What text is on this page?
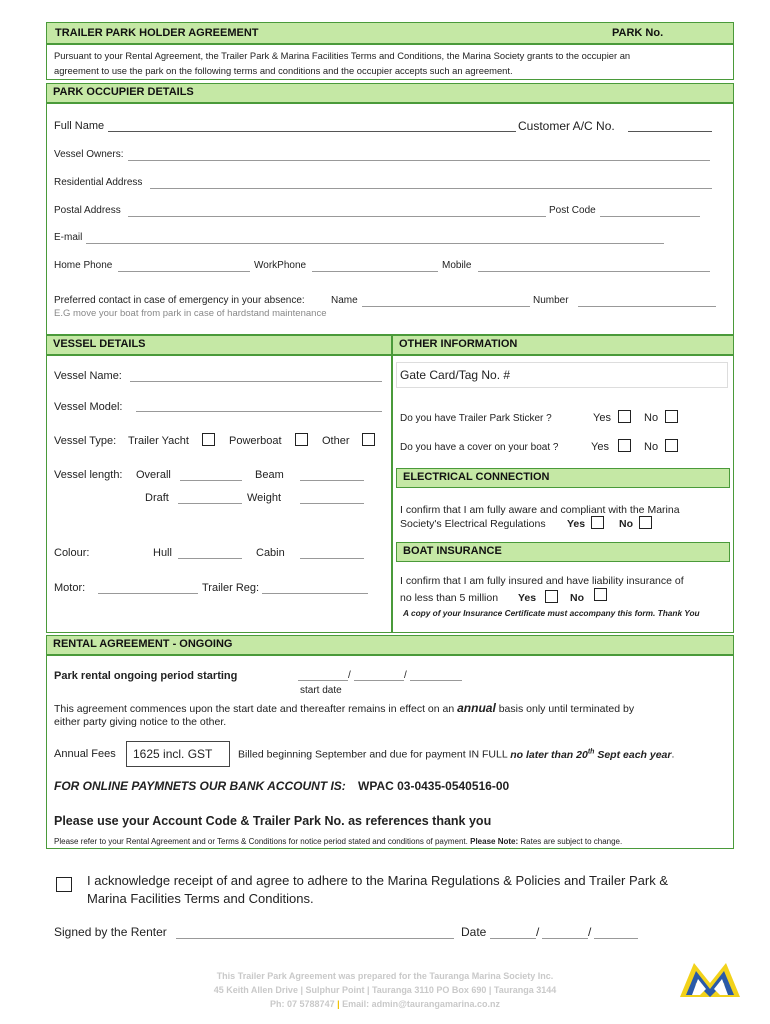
TRAILER PARK HOLDER AGREEMENT	PARK No.
Pursuant to your Rental Agreement, the Trailer Park & Marina Facilities Terms and Conditions, the Marina Society grants to the occupier an
agreement to use the park on the following terms and conditions and the occupier accepts such an agreement.
PARK OCCUPIER DETAILS
Full Name	Customer A/C No.
Vessel Owners:
Residential Address
Postal Address	Post Code
E-mail
Home Phone	WorkPhone	Mobile
Preferred contact in case of emergency in your absence:	Name	Number
E.G move your boat from park in case of hardstand maintenance
VESSEL DETAILS
Vessel Name:
Vessel Model:
Vessel Type: Trailer Yacht	Powerboat	Other
Vessel length: Overall	Beam
Draft	Weight
Colour:	Hull	Cabin
Motor:	Trailer Reg:
OTHER INFORMATION
Gate Card/Tag No. #
Do you have Trailer Park Sticker ?	Yes	No
Do you have a cover on your boat ?	Yes	No
ELECTRICAL CONNECTION
I confirm that I am fully aware and compliant with the Marina
Society's Electrical Regulations Yes	No
BOAT INSURANCE
I confirm that I am fully insured and have liability insurance of
no less than 5 million Yes	No
A copy of your Insurance Certificate must accompany this form. Thank You
RENTAL AGREEMENT - ONGOING
Park rental ongoing period starting	/	/
start date
This agreement commences upon the start date and thereafter remains in effect on an annual basis only until terminated by
either party giving notice to the other.
Annual Fees	1625 incl. GST	Billed beginning September and due for payment IN FULL no later than 20th Sept each year.
FOR ONLINE PAYMNETS OUR BANK ACCOUNT IS: WPAC 03-0435-0540516-00
Please use your Account Code & Trailer Park No. as references thank you
Please refer to your Rental Agreement and or Terms & Conditions for notice period stated and conditions of payment. Please Note: Rates are subject to change.
I acknowledge receipt of and agree to adhere to the Marina Regulations & Policies and Trailer Park &
Marina Facilities Terms and Conditions.
Signed by the Renter	Date	/	/
This Trailer Park Agreement was prepared for the Tauranga Marina Society Inc.
45 Keith Allen Drive | Sulphur Point | Tauranga 3110 PO Box 690 | Tauranga 3144
Ph: 07 5788747 | Email: admin@taurangamarina.co.nz
